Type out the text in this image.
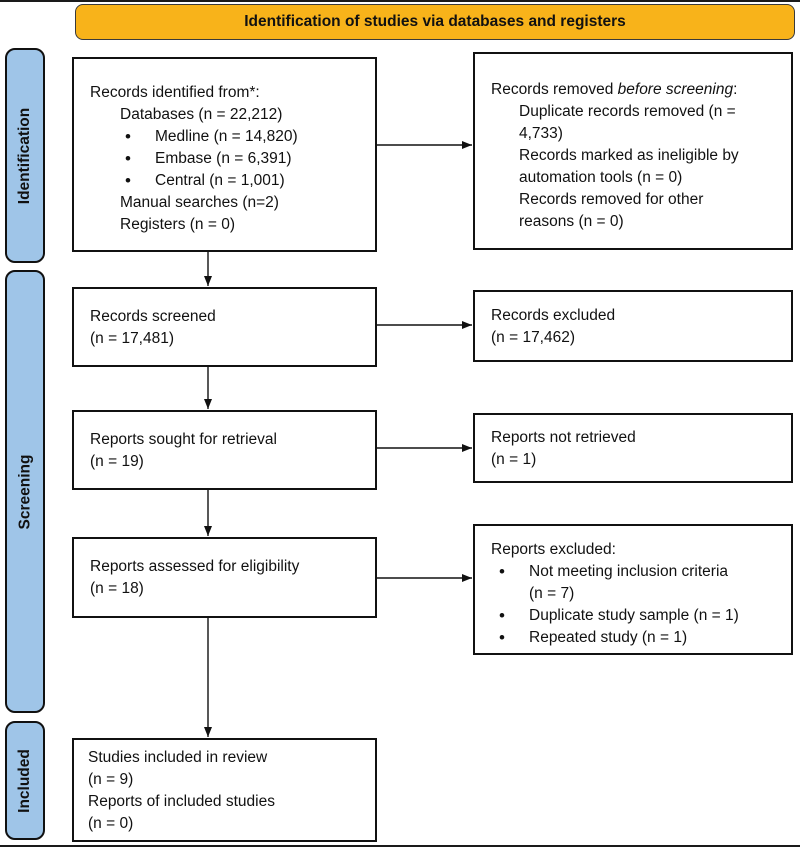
Identification of studies via databases and registers
Identification
Screening
Included
Records identified from*:
Databases (n = 22,212)
• Medline (n = 14,820)
• Embase (n = 6,391)
• Central (n = 1,001)
Manual searches (n=2)
Registers (n = 0)
Records removed before screening:
Duplicate records removed (n =
4,733)
Records marked as ineligible by
automation tools (n = 0)
Records removed for other
reasons (n = 0)
Records screened
(n = 17,481)
Records excluded
(n = 17,462)
Reports sought for retrieval
(n = 19)
Reports not retrieved
(n = 1)
Reports assessed for eligibility
(n = 18)
Reports excluded:
• Not meeting inclusion criteria
(n = 7)
• Duplicate study sample (n = 1)
• Repeated study (n = 1)
Studies included in review
(n = 9)
Reports of included studies
(n = 0)
